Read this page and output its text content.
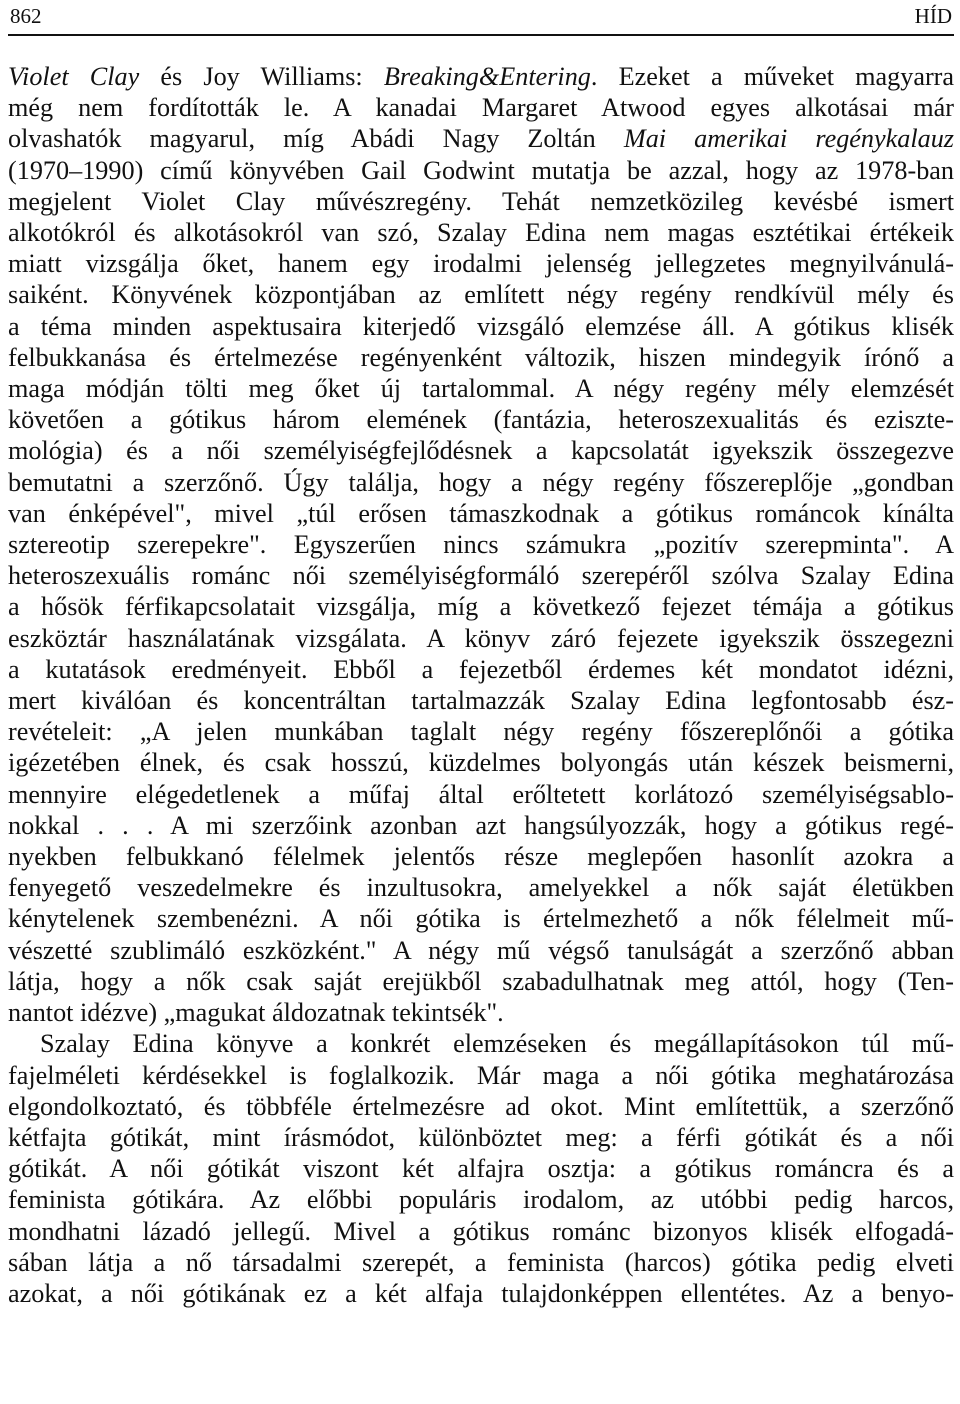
862	HÍD
Violet Clay és Joy Williams: Breaking&Entering. Ezeket a műveket magyarra
még nem fordították le. A kanadai Margaret Atwood egyes alkotásai már
olvashatók magyarul, míg Abádi Nagy Zoltán Mai amerikai regénykalauz
(1970–1990) című könyvében Gail Godwint mutatja be azzal, hogy az 1978-ban
megjelent Violet Clay művészregény. Tehát nemzetközileg kevésbé ismert
alkotókról és alkotásokról van szó, Szalay Edina nem magas esztétikai értékeik
miatt vizsgálja őket, hanem egy irodalmi jelenség jellegzetes megnyilvánulá-
saiként. Könyvének központjában az említett négy regény rendkívül mély és
a téma minden aspektusaira kiterjedő vizsgáló elemzése áll. A gótikus klisék
felbukkanása és értelmezése regényenként változik, hiszen mindegyik írónő a
maga módján tölti meg őket új tartalommal. A négy regény mély elemzését
követően a gótikus három elemének (fantázia, heteroszexualitás és eziszte-
mológia) és a női személyiségfejlődésnek a kapcsolatát igyekszik összegezve
bemutatni a szerzőnő. Úgy találja, hogy a négy regény főszereplője „gondban
van énképével", mivel „túl erősen támaszkodnak a gótikus románcok kínálta
sztereotip szerepekre". Egyszerűen nincs számukra „pozitív szerepminta". A
heteroszexuális románc női személyiségformáló szerepéről szólva Szalay Edina
a hősök férfikapcsolatait vizsgálja, míg a következő fejezet témája a gótikus
eszköztár használatának vizsgálata. A könyv záró fejezete igyekszik összegezni
a kutatások eredményeit. Ebből a fejezetből érdemes két mondatot idézni,
mert kiválóan és koncentráltan tartalmazzák Szalay Edina legfontosabb ész-
revételeit: „A jelen munkában taglalt négy regény főszereplőnői a gótika
igézetében élnek, és csak hosszú, küzdelmes bolyongás után készek beismerni,
mennyire elégedetlenek a műfaj által erőltetett korlátozó személyiségsablo-
nokkal . . . A mi szerzőink azonban azt hangsúlyozzák, hogy a gótikus regé-
nyekben felbukkanó félelmek jelentős része meglepően hasonlít azokra a
fenyegető veszedelmekre és inzultusokra, amelyekkel a nők saját életükben
kénytelenek szembenézni. A női gótika is értelmezhető a nők félelmeit mű-
vészetté szublimáló eszközként." A négy mű végső tanulságát a szerzőnő abban
látja, hogy a nők csak saját erejükből szabadulhatnak meg attól, hogy (Ten-
nantot idézve) „magukat áldozatnak tekintsék".
Szalay Edina könyve a konkrét elemzéseken és megállapításokon túl mű-
fajelméleti kérdésekkel is foglalkozik. Már maga a női gótika meghatározása
elgondolkoztató, és többféle értelmezésre ad okot. Mint említettük, a szerzőnő
kétfajta gótikát, mint írásmódot, különböztet meg: a férfi gótikát és a női
gótikát. A női gótikát viszont két alfajra osztja: a gótikus románcra és a
feminista gótikára. Az előbbi populáris irodalom, az utóbbi pedig harcos,
mondhatni lázadó jellegű. Mivel a gótikus románc bizonyos klisék elfogadá-
sában látja a nő társadalmi szerepét, a feminista (harcos) gótika pedig elveti
azokat, a női gótikának ez a két alfaja tulajdonképpen ellentétes. Az a benyo-
